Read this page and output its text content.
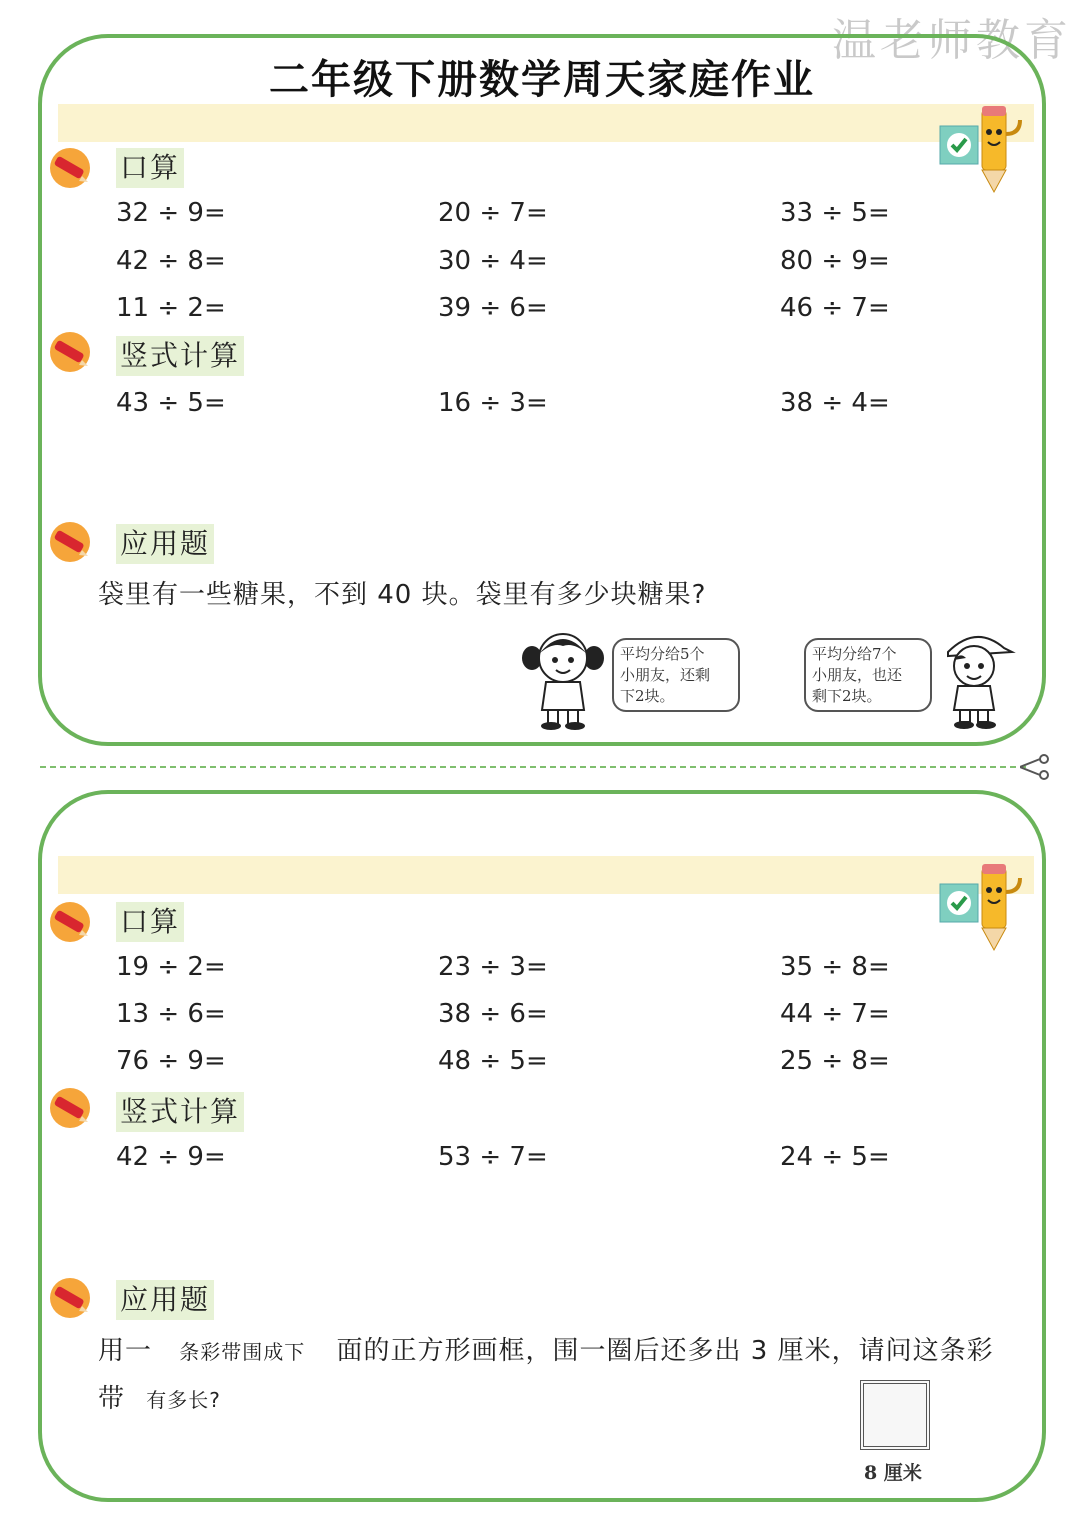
温老师教育
二年级下册数学周天家庭作业
口算
32 ÷ 9=	20 ÷ 7=	33 ÷ 5=
42 ÷ 8=	30 ÷ 4=	80 ÷ 9=
11 ÷ 2=	39 ÷ 6=	46 ÷ 7=
竖式计算
43 ÷ 5=	16 ÷ 3=	38 ÷ 4=
应用题
袋里有一些糖果，不到 40 块。袋里有多少块糖果?
平均分给5个
小朋友，还剩
下2块。
平均分给7个
小朋友，也还
剩下2块。
口算
19 ÷ 2=	23 ÷ 3=	35 ÷ 8=
13 ÷ 6=	38 ÷ 6=	44 ÷ 7=
76 ÷ 9=	48 ÷ 5=	25 ÷ 8=
竖式计算
42 ÷ 9=	53 ÷ 7=	24 ÷ 5=
应用题
用一 条彩带围成下 面的正方形画框，围一圈后还多出 3 厘米，请问这条彩
带 有多长?
8 厘米
